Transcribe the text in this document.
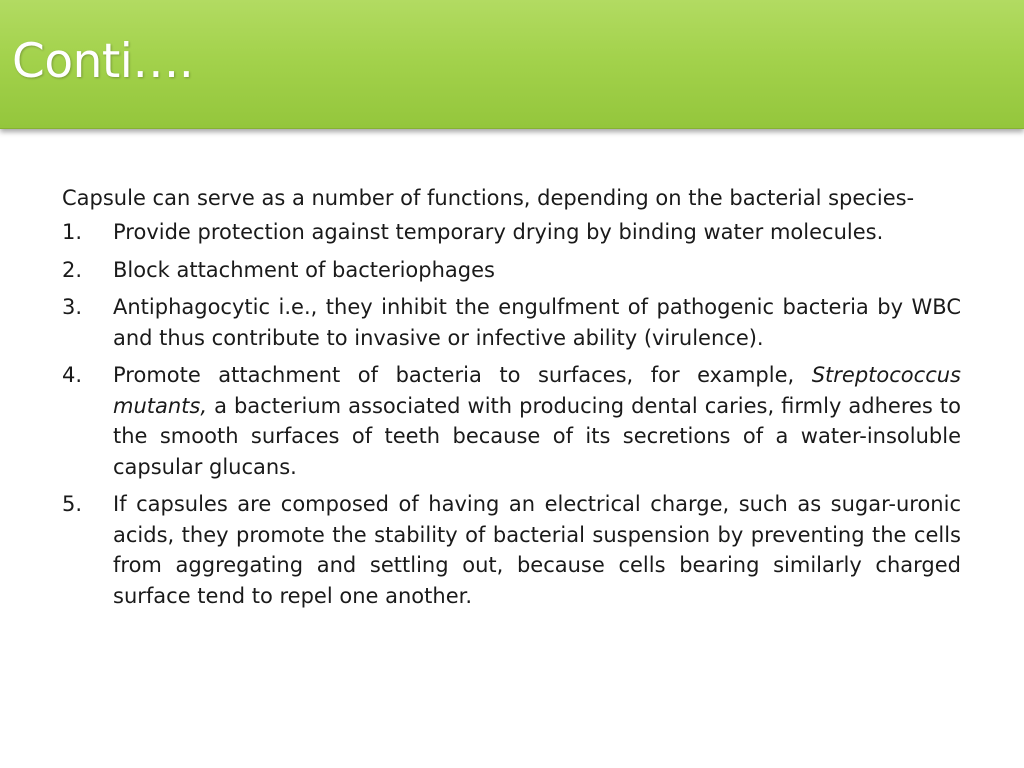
Conti….

Capsule can serve as a number of functions, depending on the bacterial species-

1. Provide protection against temporary drying by binding water molecules.
2. Block attachment of bacteriophages
3. Antiphagocytic i.e., they inhibit the engulfment of pathogenic bacteria by WBC and thus contribute to invasive or infective ability (virulence).
4. Promote attachment of bacteria to surfaces, for example, Streptococcus mutants, a bacterium associated with producing dental caries, firmly adheres to the smooth surfaces of teeth because of its secretions of a water-insoluble capsular glucans.
5. If capsules are composed of having an electrical charge, such as sugar-uronic acids, they promote the stability of bacterial suspension by preventing the cells from aggregating and settling out, because cells bearing similarly charged surface tend to repel one another.
